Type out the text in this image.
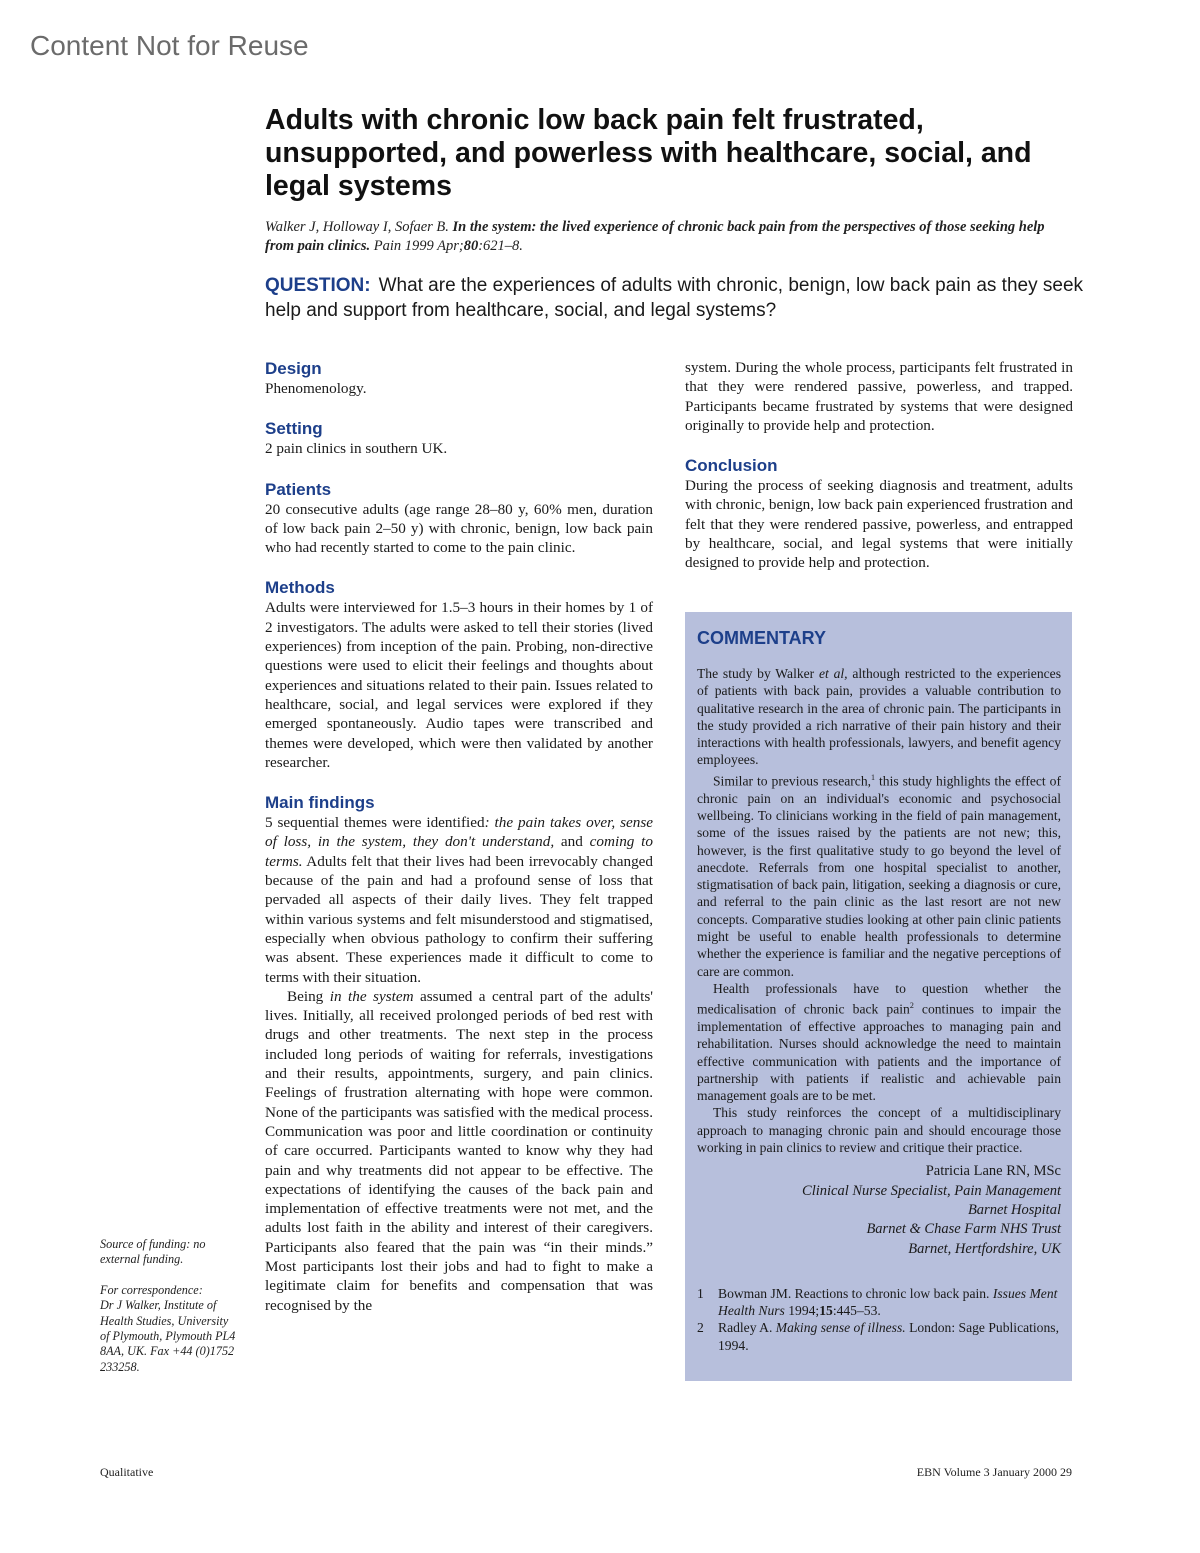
Content Not for Reuse
Adults with chronic low back pain felt frustrated, unsupported, and powerless with healthcare, social, and legal systems
Walker J, Holloway I, Sofaer B. In the system: the lived experience of chronic back pain from the perspectives of those seeking help from pain clinics. Pain 1999 Apr;80:621–8.
QUESTION: What are the experiences of adults with chronic, benign, low back pain as they seek help and support from healthcare, social, and legal systems?
Design

Phenomenology.

Setting

2 pain clinics in southern UK.

Patients

20 consecutive adults (age range 28–80 y, 60% men, duration of low back pain 2–50 y) with chronic, benign, low back pain who had recently started to come to the pain clinic.

Methods

Adults were interviewed for 1.5–3 hours in their homes by 1 of 2 investigators. The adults were asked to tell their stories (lived experiences) from inception of the pain. Probing, non-directive questions were used to elicit their feelings and thoughts about experiences and situations related to their pain. Issues related to healthcare, social, and legal services were explored if they emerged spontaneously. Audio tapes were transcribed and themes were developed, which were then validated by another researcher.

Main findings

5 sequential themes were identified: the pain takes over, sense of loss, in the system, they don't understand, and coming to terms. Adults felt that their lives had been irrevocably changed because of the pain and had a profound sense of loss that pervaded all aspects of their daily lives. They felt trapped within various systems and felt misunderstood and stigmatised, especially when obvious pathology to confirm their suffering was absent. These experiences made it difficult to come to terms with their situation.

Being in the system assumed a central part of the adults' lives. Initially, all received prolonged periods of bed rest with drugs and other treatments. The next step in the process included long periods of waiting for referrals, investigations and their results, appointments, surgery, and pain clinics. Feelings of frustration alternating with hope were common. None of the participants was satisfied with the medical process. Communication was poor and little coordination or continuity of care occurred. Participants wanted to know why they had pain and why treatments did not appear to be effective. The expectations of identifying the causes of the back pain and implementation of effective treatments were not met, and the adults lost faith in the ability and interest of their caregivers. Participants also feared that the pain was “in their minds.” Most participants lost their jobs and had to fight to make a legitimate claim for benefits and compensation that was recognised by the

system. During the whole process, participants felt frustrated in that they were rendered passive, powerless, and trapped. Participants became frustrated by systems that were designed originally to provide help and protection.

Conclusion

During the process of seeking diagnosis and treatment, adults with chronic, benign, low back pain experienced frustration and felt that they were rendered passive, powerless, and entrapped by healthcare, social, and legal systems that were initially designed to provide help and protection.

COMMENTARY

The study by Walker et al, although restricted to the experiences of patients with back pain, provides a valuable contribution to qualitative research in the area of chronic pain. The participants in the study provided a rich narrative of their pain history and their interactions with health professionals, lawyers, and benefit agency employees.

Similar to previous research,$^1$ this study highlights the effect of chronic pain on an individual's economic and psychosocial wellbeing. To clinicians working in the field of pain management, some of the issues raised by the patients are not new; this, however, is the first qualitative study to go beyond the level of anecdote. Referrals from one hospital specialist to another, stigmatisation of back pain, litigation, seeking a diagnosis or cure, and referral to the pain clinic as the last resort are not new concepts. Comparative studies looking at other pain clinic patients might be useful to enable health professionals to determine whether the experience is familiar and the negative perceptions of care are common.

Health professionals have to question whether the medicalisation of chronic back pain$^2$ continues to impair the implementation of effective approaches to managing pain and rehabilitation. Nurses should acknowledge the need to maintain effective communication with patients and the importance of partnership with patients if realistic and achievable pain management goals are to be met.

This study reinforces the concept of a multidisciplinary approach to managing chronic pain and should encourage those working in pain clinics to review and critique their practice.

Patricia Lane RN, MSc
Clinical Nurse Specialist, Pain Management
Barnet Hospital
Barnet & Chase Farm NHS Trust
Barnet, Hertfordshire, UK
1	Bowman JM. Reactions to chronic low back pain. Issues Ment Health Nurs 1994;15:445–53.
2	Radley A. Making sense of illness. London: Sage Publications, 1994.

Source of funding: no external funding.

For correspondence:

Dr J Walker, Institute of Health Studies, University of Plymouth, Plymouth PL4 8AA, UK. Fax +44 (0)1752 233258.

Qualitative	EBN Volume 3 January 2000 29
